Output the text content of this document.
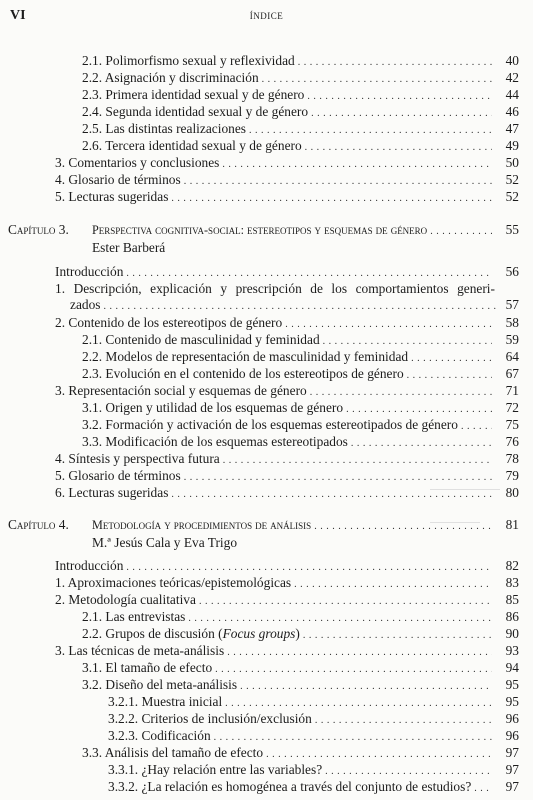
VI	ÍNDICE
2.1. Polimorfismo sexual y reflexividad . . .	40
2.2. Asignación y discriminación . . .	42
2.3. Primera identidad sexual y de género . . .	44
2.4. Segunda identidad sexual y de género . . .	46
2.5. Las distintas realizaciones . . .	47
2.6. Tercera identidad sexual y de género . . .	49
3. Comentarios y conclusiones . . .	50
4. Glosario de términos . . .	52
5. Lecturas sugeridas . . .	52
Capítulo 3.	Perspectiva cognitiva-social: estereotipos y esquemas de género . . .	55
Ester Barberá
Introducción . . .	56
1. Descripción, explicación y prescripción de los comportamientos generi-
zados . . .	57
2. Contenido de los estereotipos de género . . .	58
2.1. Contenido de masculinidad y feminidad . . .	59
2.2. Modelos de representación de masculinidad y feminidad . . .	64
2.3. Evolución en el contenido de los estereotipos de género . . .	67
3. Representación social y esquemas de género . . .	71
3.1. Origen y utilidad de los esquemas de género . . .	72
3.2. Formación y activación de los esquemas estereotipados de género . . .	75
3.3. Modificación de los esquemas estereotipados . . .	76
4. Síntesis y perspectiva futura . . .	78
5. Glosario de términos . . .	79
6. Lecturas sugeridas . . .	80
Capítulo 4.	Metodología y procedimientos de análisis . . .	81
M.ª Jesús Cala y Eva Trigo
Introducción . . .	82
1. Aproximaciones teóricas/epistemológicas . . .	83
2. Metodología cualitativa . . .	85
2.1. Las entrevistas . . .	86
2.2. Grupos de discusión (Focus groups) . . .	90
3. Las técnicas de meta-análisis . . .	93
3.1. El tamaño de efecto . . .	94
3.2. Diseño del meta-análisis . . .	95
3.2.1. Muestra inicial . . .	95
3.2.2. Criterios de inclusión/exclusión . . .	96
3.2.3. Codificación . . .	96
3.3. Análisis del tamaño de efecto . . .	97
3.3.1. ¿Hay relación entre las variables? . . .	97
3.3.2. ¿La relación es homogénea a través del conjunto de estudios? . . .	97
